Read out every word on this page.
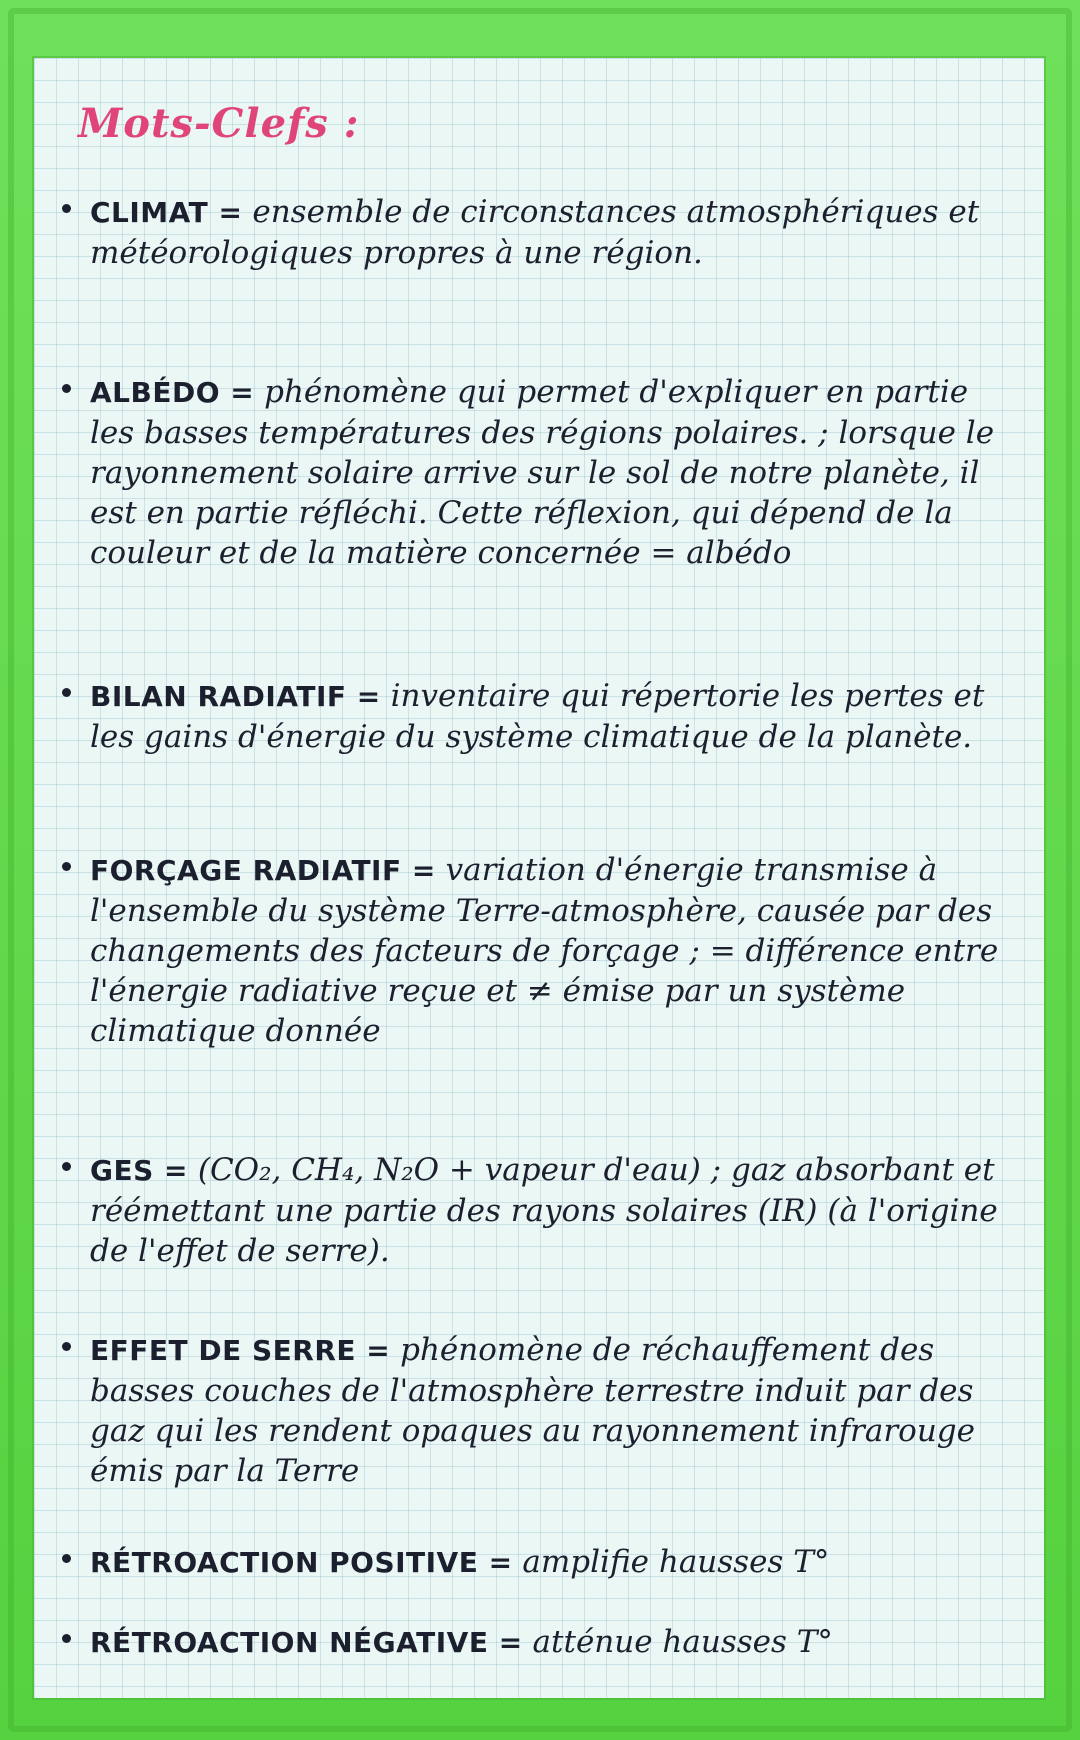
Mots-Clefs :
CLIMAT = ensemble de circonstances atmosphériques et météorologiques propres à une région.
ALBÉDO = phénomène qui permet d'expliquer en partie les basses températures des régions polaires. ; lorsque le rayonnement solaire arrive sur le sol de notre planète, il est en partie réfléchi. Cette réflexion, qui dépend de la couleur et de la matière concernée = albédo
BILAN RADIATIF = inventaire qui répertorie les pertes et les gains d'énergie du système climatique de la planète.
FORÇAGE RADIATIF = variation d'énergie transmise à l'ensemble du système Terre-atmosphère, causée par des changements des facteurs de forçage ; = différence entre l'énergie radiative reçue et ≠ émise par un système climatique donnée
GES = (CO₂, CH₄, N₂O + vapeur d'eau) ; gaz absorbant et réémettant une partie des rayons solaires (IR) (à l'origine de l'effet de serre).
EFFET DE SERRE = phénomène de réchauffement des basses couches de l'atmosphère terrestre induit par des gaz qui les rendent opaques au rayonnement infrarouge émis par la Terre
RÉTROACTION POSITIVE = amplifie hausses T°
RÉTROACTION NÉGATIVE = atténue hausses T°
